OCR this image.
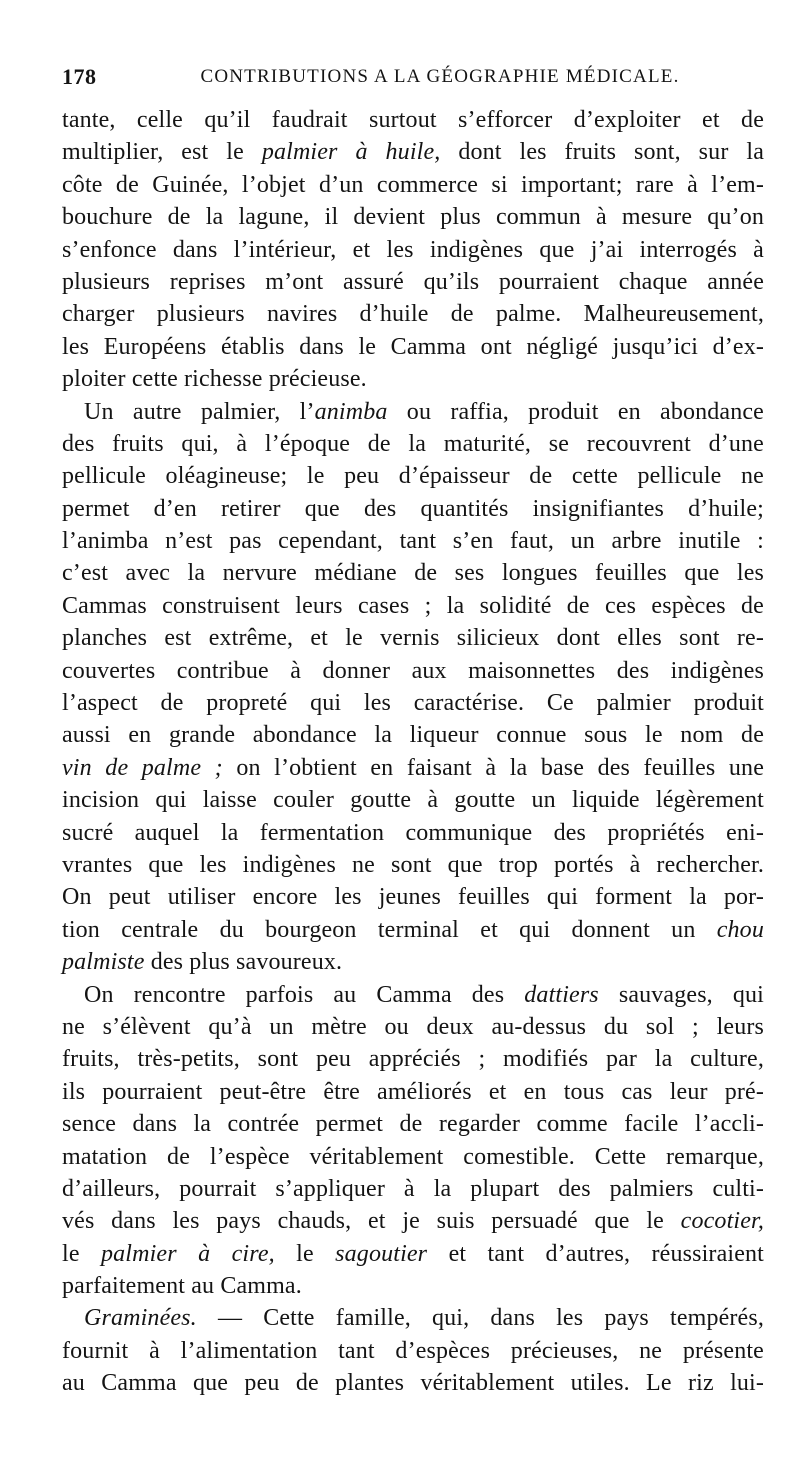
178	CONTRIBUTIONS A LA GÉOGRAPHIE MÉDICALE.
tante, celle qu’il faudrait surtout s’efforcer d’exploiter et de
multiplier, est le palmier à huile, dont les fruits sont, sur la
côte de Guinée, l’objet d’un commerce si important; rare à l’em-
bouchure de la lagune, il devient plus commun à mesure qu’on
s’enfonce dans l’intérieur, et les indigènes que j’ai interrogés à
plusieurs reprises m’ont assuré qu’ils pourraient chaque année
charger plusieurs navires d’huile de palme. Malheureusement,
les Européens établis dans le Camma ont négligé jusqu’ici d’ex-
ploiter cette richesse précieuse.
Un autre palmier, l’animba ou raffia, produit en abondance
des fruits qui, à l’époque de la maturité, se recouvrent d’une
pellicule oléagineuse; le peu d’épaisseur de cette pellicule ne
permet d’en retirer que des quantités insignifiantes d’huile;
l’animba n’est pas cependant, tant s’en faut, un arbre inutile :
c’est avec la nervure médiane de ses longues feuilles que les
Cammas construisent leurs cases ; la solidité de ces espèces de
planches est extrême, et le vernis silicieux dont elles sont re-
couvertes contribue à donner aux maisonnettes des indigènes
l’aspect de propreté qui les caractérise. Ce palmier produit
aussi en grande abondance la liqueur connue sous le nom de
vin de palme ; on l’obtient en faisant à la base des feuilles une
incision qui laisse couler goutte à goutte un liquide légèrement
sucré auquel la fermentation communique des propriétés eni-
vrantes que les indigènes ne sont que trop portés à rechercher.
On peut utiliser encore les jeunes feuilles qui forment la por-
tion centrale du bourgeon terminal et qui donnent un chou
palmiste des plus savoureux.
On rencontre parfois au Camma des dattiers sauvages, qui
ne s’élèvent qu’à un mètre ou deux au-dessus du sol ; leurs
fruits, très-petits, sont peu appréciés ; modifiés par la culture,
ils pourraient peut-être être améliorés et en tous cas leur pré-
sence dans la contrée permet de regarder comme facile l’accli-
matation de l’espèce véritablement comestible. Cette remarque,
d’ailleurs, pourrait s’appliquer à la plupart des palmiers culti-
vés dans les pays chauds, et je suis persuadé que le cocotier,
le palmier à cire, le sagoutier et tant d’autres, réussiraient
parfaitement au Camma.
Graminées. — Cette famille, qui, dans les pays tempérés,
fournit à l’alimentation tant d’espèces précieuses, ne présente
au Camma que peu de plantes véritablement utiles. Le riz lui-
